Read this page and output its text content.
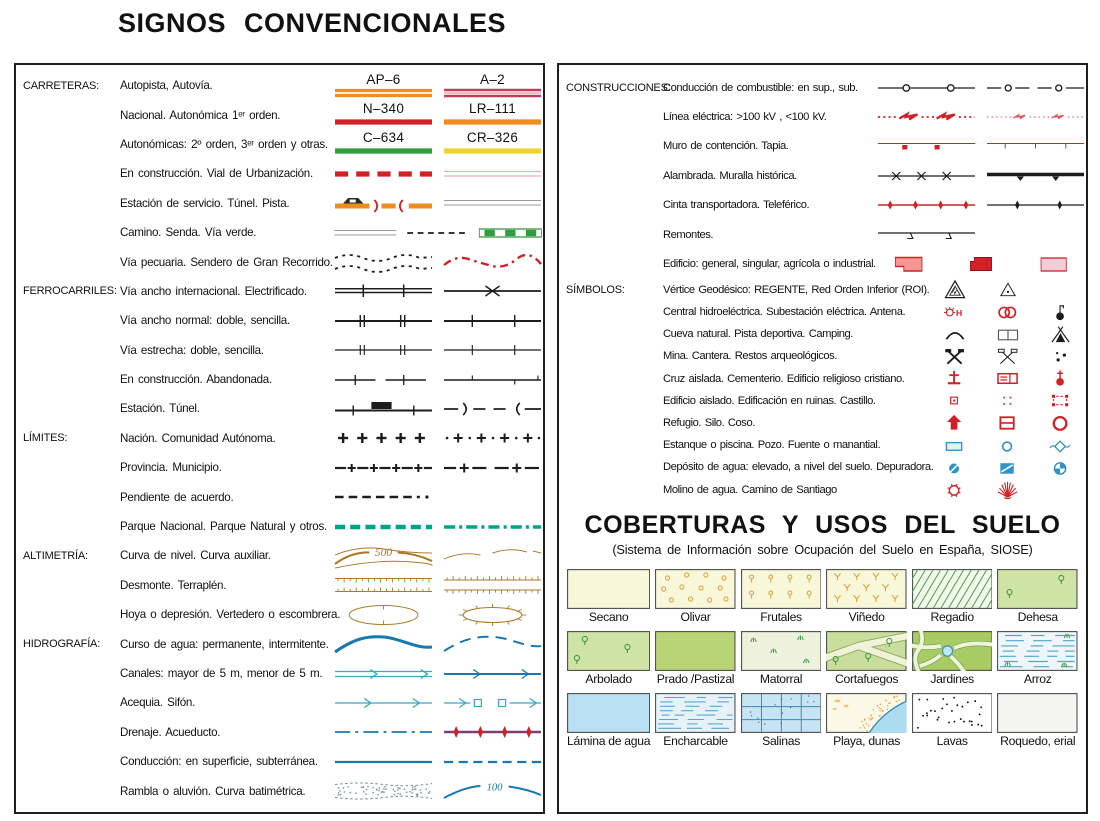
SIGNOS CONVENCIONALES
CARRETERAS:	Autopista, Autovía.	AP–6	A–2
Nacional. Autonómica 1ᵉʳ orden.	N–340	LR–111
Autonómicas: 2º orden, 3ᵉʳ orden y otras.	C–634	CR–326
En construcción. Vial de Urbanización.
Estación de servicio. Túnel. Pista.
Camino. Senda. Vía verde.
Vía pecuaria. Sendero de Gran Recorrido.
FERROCARRILES: Vía ancho internacional. Electrificado.
Vía ancho normal: doble, sencilla.
Vía estrecha: doble, sencilla.
En construcción. Abandonada.
Estación. Túnel.
LÍMITES:	Nación. Comunidad Autónoma.
Provincia. Municipio.
Pendiente de acuerdo.
Parque Nacional. Parque Natural y otros.
ALTIMETRÍA:	Curva de nivel. Curva auxiliar.	500
Desmonte. Terraplén.
Hoya o depresión. Vertedero o escombrera.
HIDROGRAFÍA:	Curso de agua: permanente, intermitente.
Canales: mayor de 5 m, menor de 5 m.
Acequia. Sifón.
Drenaje. Acueducto.
Conducción: en superficie, subterránea.
Rambla o aluvión. Curva batimétrica.	100
CONSTRUCCIONES:
Conducción de combustible: en sup., sub.
Línea eléctrica: >100 kV , <100 kV.
Muro de contención. Tapia.
Alambrada. Muralla histórica.
Cinta transportadora. Teleférico.
Remontes.
Edificio: general, singular, agrícola o industrial.
SÍMBOLOS:	Vértice Geodésico: REGENTE, Red Orden Inferior (ROI).
Central hidroeléctrica. Subestación eléctrica. Antena.	H
Cueva natural. Pista deportiva. Camping.
Mina. Cantera. Restos arqueológicos.
Cruz aislada. Cementerio. Edificio religioso cristiano.
Edificio aislado. Edificación en ruinas. Castillo.
Refugio. Silo. Coso.
Estanque o piscina. Pozo. Fuente o manantial.
Depósito de agua: elevado, a nivel del suelo. Depuradora.
Molino de agua. Camino de Santiago
COBERTURAS Y USOS DEL SUELO
(Sistema de Información sobre Ocupación del Suelo en España, SIOSE)
Secano	Olivar	Frutales	Viñedo	Regadio	Dehesa
Arbolado	Prado /Pastizal	Matorral	Cortafuegos	Jardines	Arroz
Lámina de agua	Encharcable	Salinas	Playa, dunas	Lavas	Roquedo, erial
